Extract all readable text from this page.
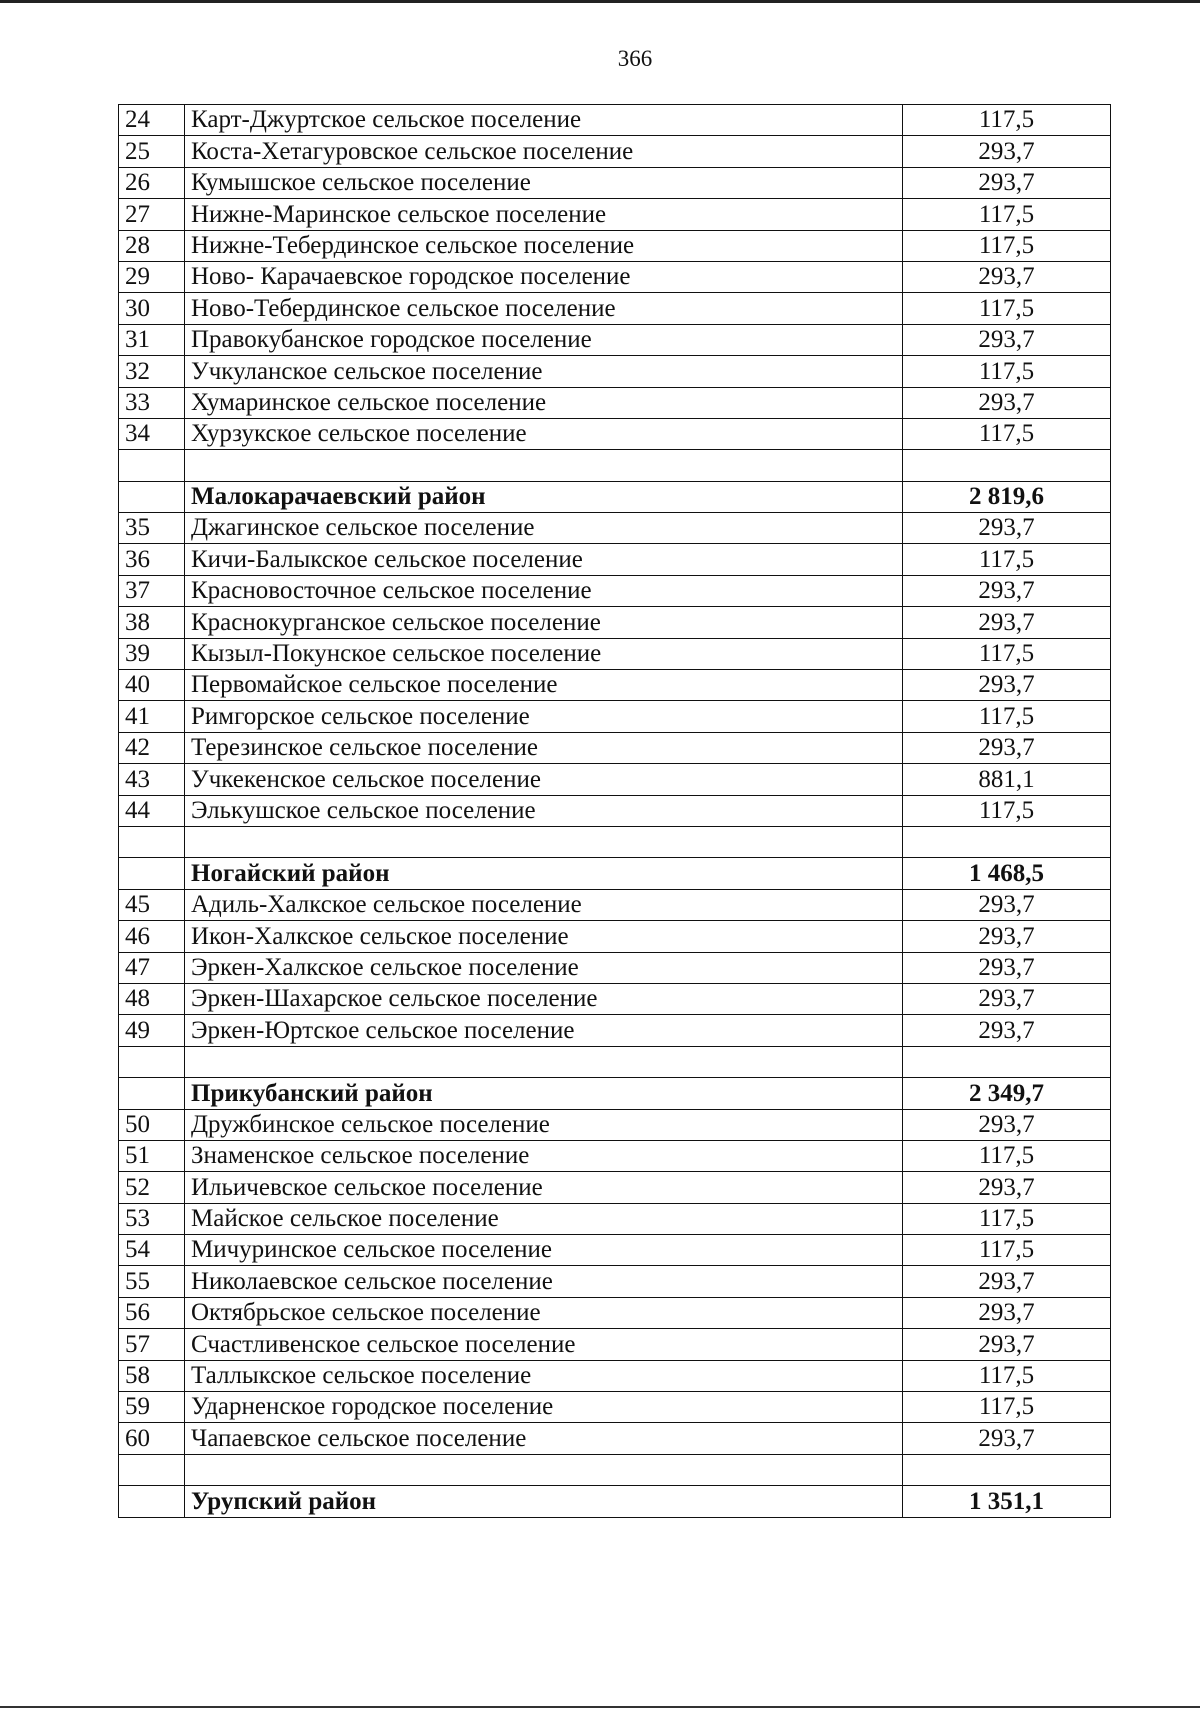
366
24	Карт-Джуртское сельское поселение	117,5
25	Коста-Хетагуровское сельское поселение	293,7
26	Кумышское сельское поселение	293,7
27	Нижне-Маринское сельское поселение	117,5
28	Нижне-Тебердинское сельское поселение	117,5
29	Ново- Карачаевское городское поселение	293,7
30	Ново-Тебердинское сельское поселение	117,5
31	Правокубанское городское поселение	293,7
32	Учкуланское сельское поселение	117,5
33	Хумаринское сельское поселение	293,7
34	Хурзукское сельское поселение	117,5

	Малокарачаевский район	2 819,6
35	Джагинское сельское поселение	293,7
36	Кичи-Балыкское сельское поселение	117,5
37	Красновосточное сельское поселение	293,7
38	Краснокурганское сельское поселение	293,7
39	Кызыл-Покунское сельское поселение	117,5
40	Первомайское сельское поселение	293,7
41	Римгорское сельское поселение	117,5
42	Терезинское сельское поселение	293,7
43	Учкекенское сельское поселение	881,1
44	Элькушское сельское поселение	117,5

	Ногайский район	1 468,5
45	Адиль-Халкское сельское поселение	293,7
46	Икон-Халкское сельское поселение	293,7
47	Эркен-Халкское сельское поселение	293,7
48	Эркен-Шахарское сельское поселение	293,7
49	Эркен-Юртское сельское поселение	293,7

	Прикубанский район	2 349,7
50	Дружбинское сельское поселение	293,7
51	Знаменское сельское поселение	117,5
52	Ильичевское сельское поселение	293,7
53	Майское сельское поселение	117,5
54	Мичуринское сельское поселение	117,5
55	Николаевское сельское поселение	293,7
56	Октябрьское сельское поселение	293,7
57	Счастливенское сельское поселение	293,7
58	Таллыкское сельское поселение	117,5
59	Ударненское городское поселение	117,5
60	Чапаевское сельское поселение	293,7

	Урупский район	1 351,1
